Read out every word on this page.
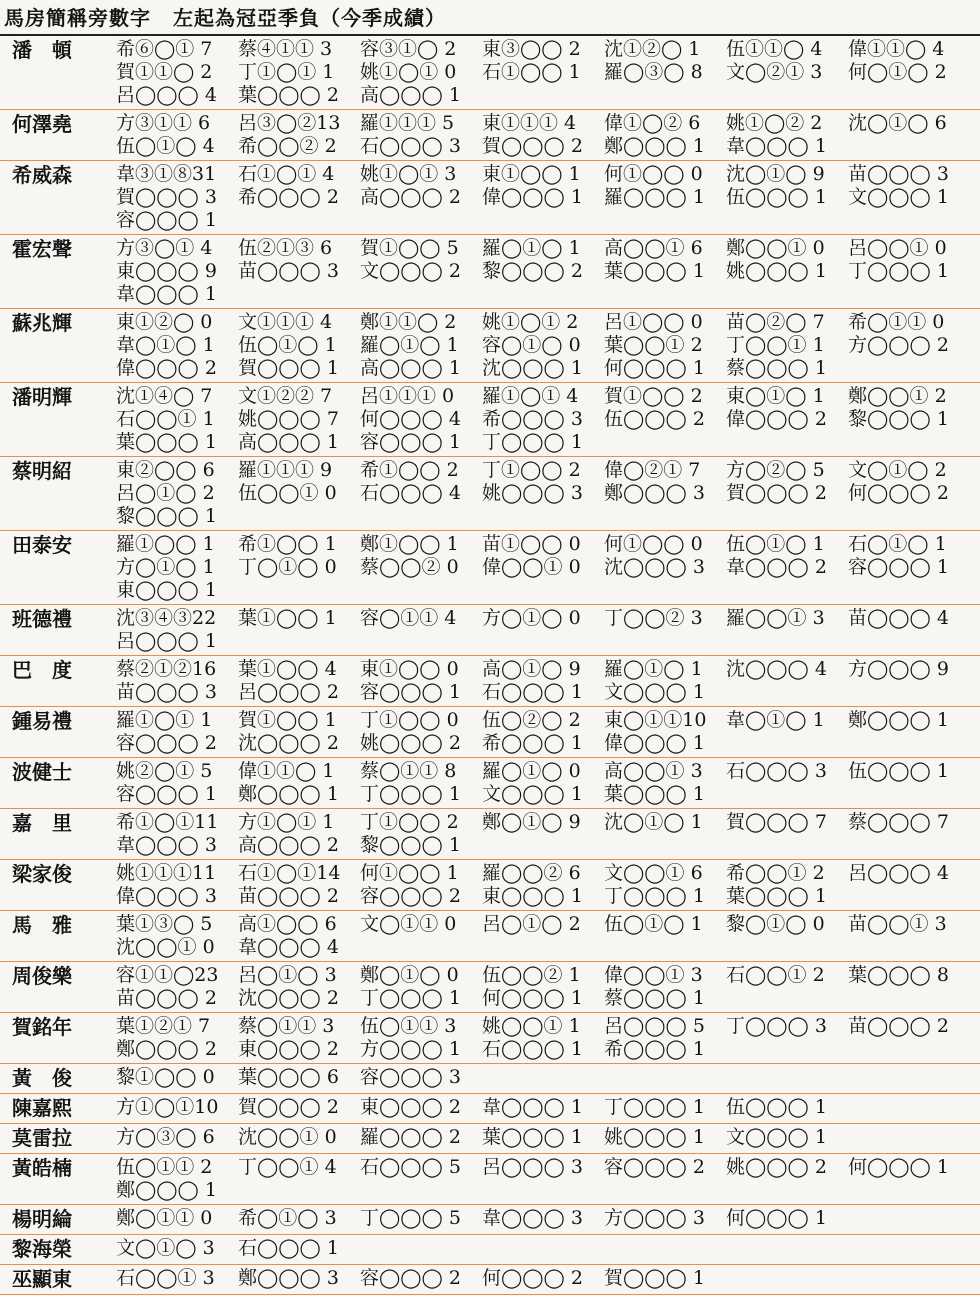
馬房簡稱旁數字 左起為冠亞季負（今季成績）
潘　頓	希⑥◯① 7	蔡④①① 3	容③①◯ 2	東③◯◯ 2	沈①②◯ 1	伍①①◯ 4	偉①①◯ 4
賀①①◯ 2	丁①◯① 1	姚①◯① 0	石①◯◯ 1	羅◯③◯ 8	文◯②① 3	何◯①◯ 2
呂◯◯◯ 4	葉◯◯◯ 2	高◯◯◯ 1
何澤堯	方③①① 6	呂③◯②13	羅①①① 5	東①①① 4	偉①◯② 6	姚①◯② 2	沈◯①◯ 6
伍◯①◯ 4	希◯◯② 2	石◯◯◯ 3	賀◯◯◯ 2	鄭◯◯◯ 1	韋◯◯◯ 1
希威森	韋③①⑧31	石①◯① 4	姚①◯① 3	東①◯◯ 1	何①◯◯ 0	沈◯①◯ 9	苗◯◯◯ 3
賀◯◯◯ 3	希◯◯◯ 2	高◯◯◯ 2	偉◯◯◯ 1	羅◯◯◯ 1	伍◯◯◯ 1	文◯◯◯ 1
容◯◯◯ 1
霍宏聲	方③◯① 4	伍②①③ 6	賀①◯◯ 5	羅◯①◯ 1	高◯◯① 6	鄭◯◯① 0	呂◯◯① 0
東◯◯◯ 9	苗◯◯◯ 3	文◯◯◯ 2	黎◯◯◯ 2	葉◯◯◯ 1	姚◯◯◯ 1	丁◯◯◯ 1
韋◯◯◯ 1
蘇兆輝	東①②◯ 0	文①①① 4	鄭①①◯ 2	姚①◯① 2	呂①◯◯ 0	苗◯②◯ 7	希◯①① 0
韋◯①◯ 1	伍◯①◯ 1	羅◯①◯ 1	容◯①◯ 0	葉◯◯① 2	丁◯◯① 1	方◯◯◯ 2
偉◯◯◯ 2	賀◯◯◯ 1	高◯◯◯ 1	沈◯◯◯ 1	何◯◯◯ 1	蔡◯◯◯ 1
潘明輝	沈①④◯ 7	文①②② 7	呂①①① 0	羅①◯① 4	賀①◯◯ 2	東◯①◯ 1	鄭◯◯① 2
石◯◯① 1	姚◯◯◯ 7	何◯◯◯ 4	希◯◯◯ 3	伍◯◯◯ 2	偉◯◯◯ 2	黎◯◯◯ 1
葉◯◯◯ 1	高◯◯◯ 1	容◯◯◯ 1	丁◯◯◯ 1
蔡明紹	東②◯◯ 6	羅①①① 9	希①◯◯ 2	丁①◯◯ 2	偉◯②① 7	方◯②◯ 5	文◯①◯ 2
呂◯①◯ 2	伍◯◯① 0	石◯◯◯ 4	姚◯◯◯ 3	鄭◯◯◯ 3	賀◯◯◯ 2	何◯◯◯ 2
黎◯◯◯ 1
田泰安	羅①◯◯ 1	希①◯◯ 1	鄭①◯◯ 1	苗①◯◯ 0	何①◯◯ 0	伍◯①◯ 1	石◯①◯ 1
方◯①◯ 1	丁◯①◯ 0	蔡◯◯② 0	偉◯◯① 0	沈◯◯◯ 3	韋◯◯◯ 2	容◯◯◯ 1
東◯◯◯ 1
班德禮	沈③④③22	葉①◯◯ 1	容◯①① 4	方◯①◯ 0	丁◯◯② 3	羅◯◯① 3	苗◯◯◯ 4
呂◯◯◯ 1
巴　度	蔡②①②16	葉①◯◯ 4	東①◯◯ 0	高◯①◯ 9	羅◯①◯ 1	沈◯◯◯ 4	方◯◯◯ 9
苗◯◯◯ 3	呂◯◯◯ 2	容◯◯◯ 1	石◯◯◯ 1	文◯◯◯ 1
鍾易禮	羅①◯① 1	賀①◯◯ 1	丁①◯◯ 0	伍◯②◯ 2	東◯①①10	韋◯①◯ 1	鄭◯◯◯ 1
容◯◯◯ 2	沈◯◯◯ 2	姚◯◯◯ 2	希◯◯◯ 1	偉◯◯◯ 1
波健士	姚②◯① 5	偉①①◯ 1	蔡◯①① 8	羅◯①◯ 0	高◯◯① 3	石◯◯◯ 3	伍◯◯◯ 1
容◯◯◯ 1	鄭◯◯◯ 1	丁◯◯◯ 1	文◯◯◯ 1	葉◯◯◯ 1
嘉　里	希①◯①11	方①◯① 1	丁①◯◯ 2	鄭◯①◯ 9	沈◯①◯ 1	賀◯◯◯ 7	蔡◯◯◯ 7
韋◯◯◯ 3	高◯◯◯ 2	黎◯◯◯ 1
梁家俊	姚①①①11	石①◯①14	何①◯◯ 1	羅◯◯② 6	文◯◯① 6	希◯◯① 2	呂◯◯◯ 4
偉◯◯◯ 3	苗◯◯◯ 2	容◯◯◯ 2	東◯◯◯ 1	丁◯◯◯ 1	葉◯◯◯ 1
馬　雅	葉①③◯ 5	高①◯◯ 6	文◯①① 0	呂◯①◯ 2	伍◯①◯ 1	黎◯①◯ 0	苗◯◯① 3
沈◯◯① 0	韋◯◯◯ 4
周俊樂	容①①◯23	呂◯①◯ 3	鄭◯①◯ 0	伍◯◯② 1	偉◯◯① 3	石◯◯① 2	葉◯◯◯ 8
苗◯◯◯ 2	沈◯◯◯ 2	丁◯◯◯ 1	何◯◯◯ 1	蔡◯◯◯ 1
賀銘年	葉①②① 7	蔡◯①① 3	伍◯①① 3	姚◯◯① 1	呂◯◯◯ 5	丁◯◯◯ 3	苗◯◯◯ 2
鄭◯◯◯ 2	東◯◯◯ 2	方◯◯◯ 1	石◯◯◯ 1	希◯◯◯ 1
黃　俊	黎①◯◯ 0	葉◯◯◯ 6	容◯◯◯ 3
陳嘉熙	方①◯①10	賀◯◯◯ 2	東◯◯◯ 2	韋◯◯◯ 1	丁◯◯◯ 1	伍◯◯◯ 1
莫雷拉	方◯③◯ 6	沈◯◯① 0	羅◯◯◯ 2	葉◯◯◯ 1	姚◯◯◯ 1	文◯◯◯ 1
黃皓楠	伍◯①① 2	丁◯◯① 4	石◯◯◯ 5	呂◯◯◯ 3	容◯◯◯ 2	姚◯◯◯ 2	何◯◯◯ 1
鄭◯◯◯ 1
楊明綸	鄭◯①① 0	希◯①◯ 3	丁◯◯◯ 5	韋◯◯◯ 3	方◯◯◯ 3	何◯◯◯ 1
黎海榮	文◯①◯ 3	石◯◯◯ 1
巫顯東	石◯◯① 3	鄭◯◯◯ 3	容◯◯◯ 2	何◯◯◯ 2	賀◯◯◯ 1
